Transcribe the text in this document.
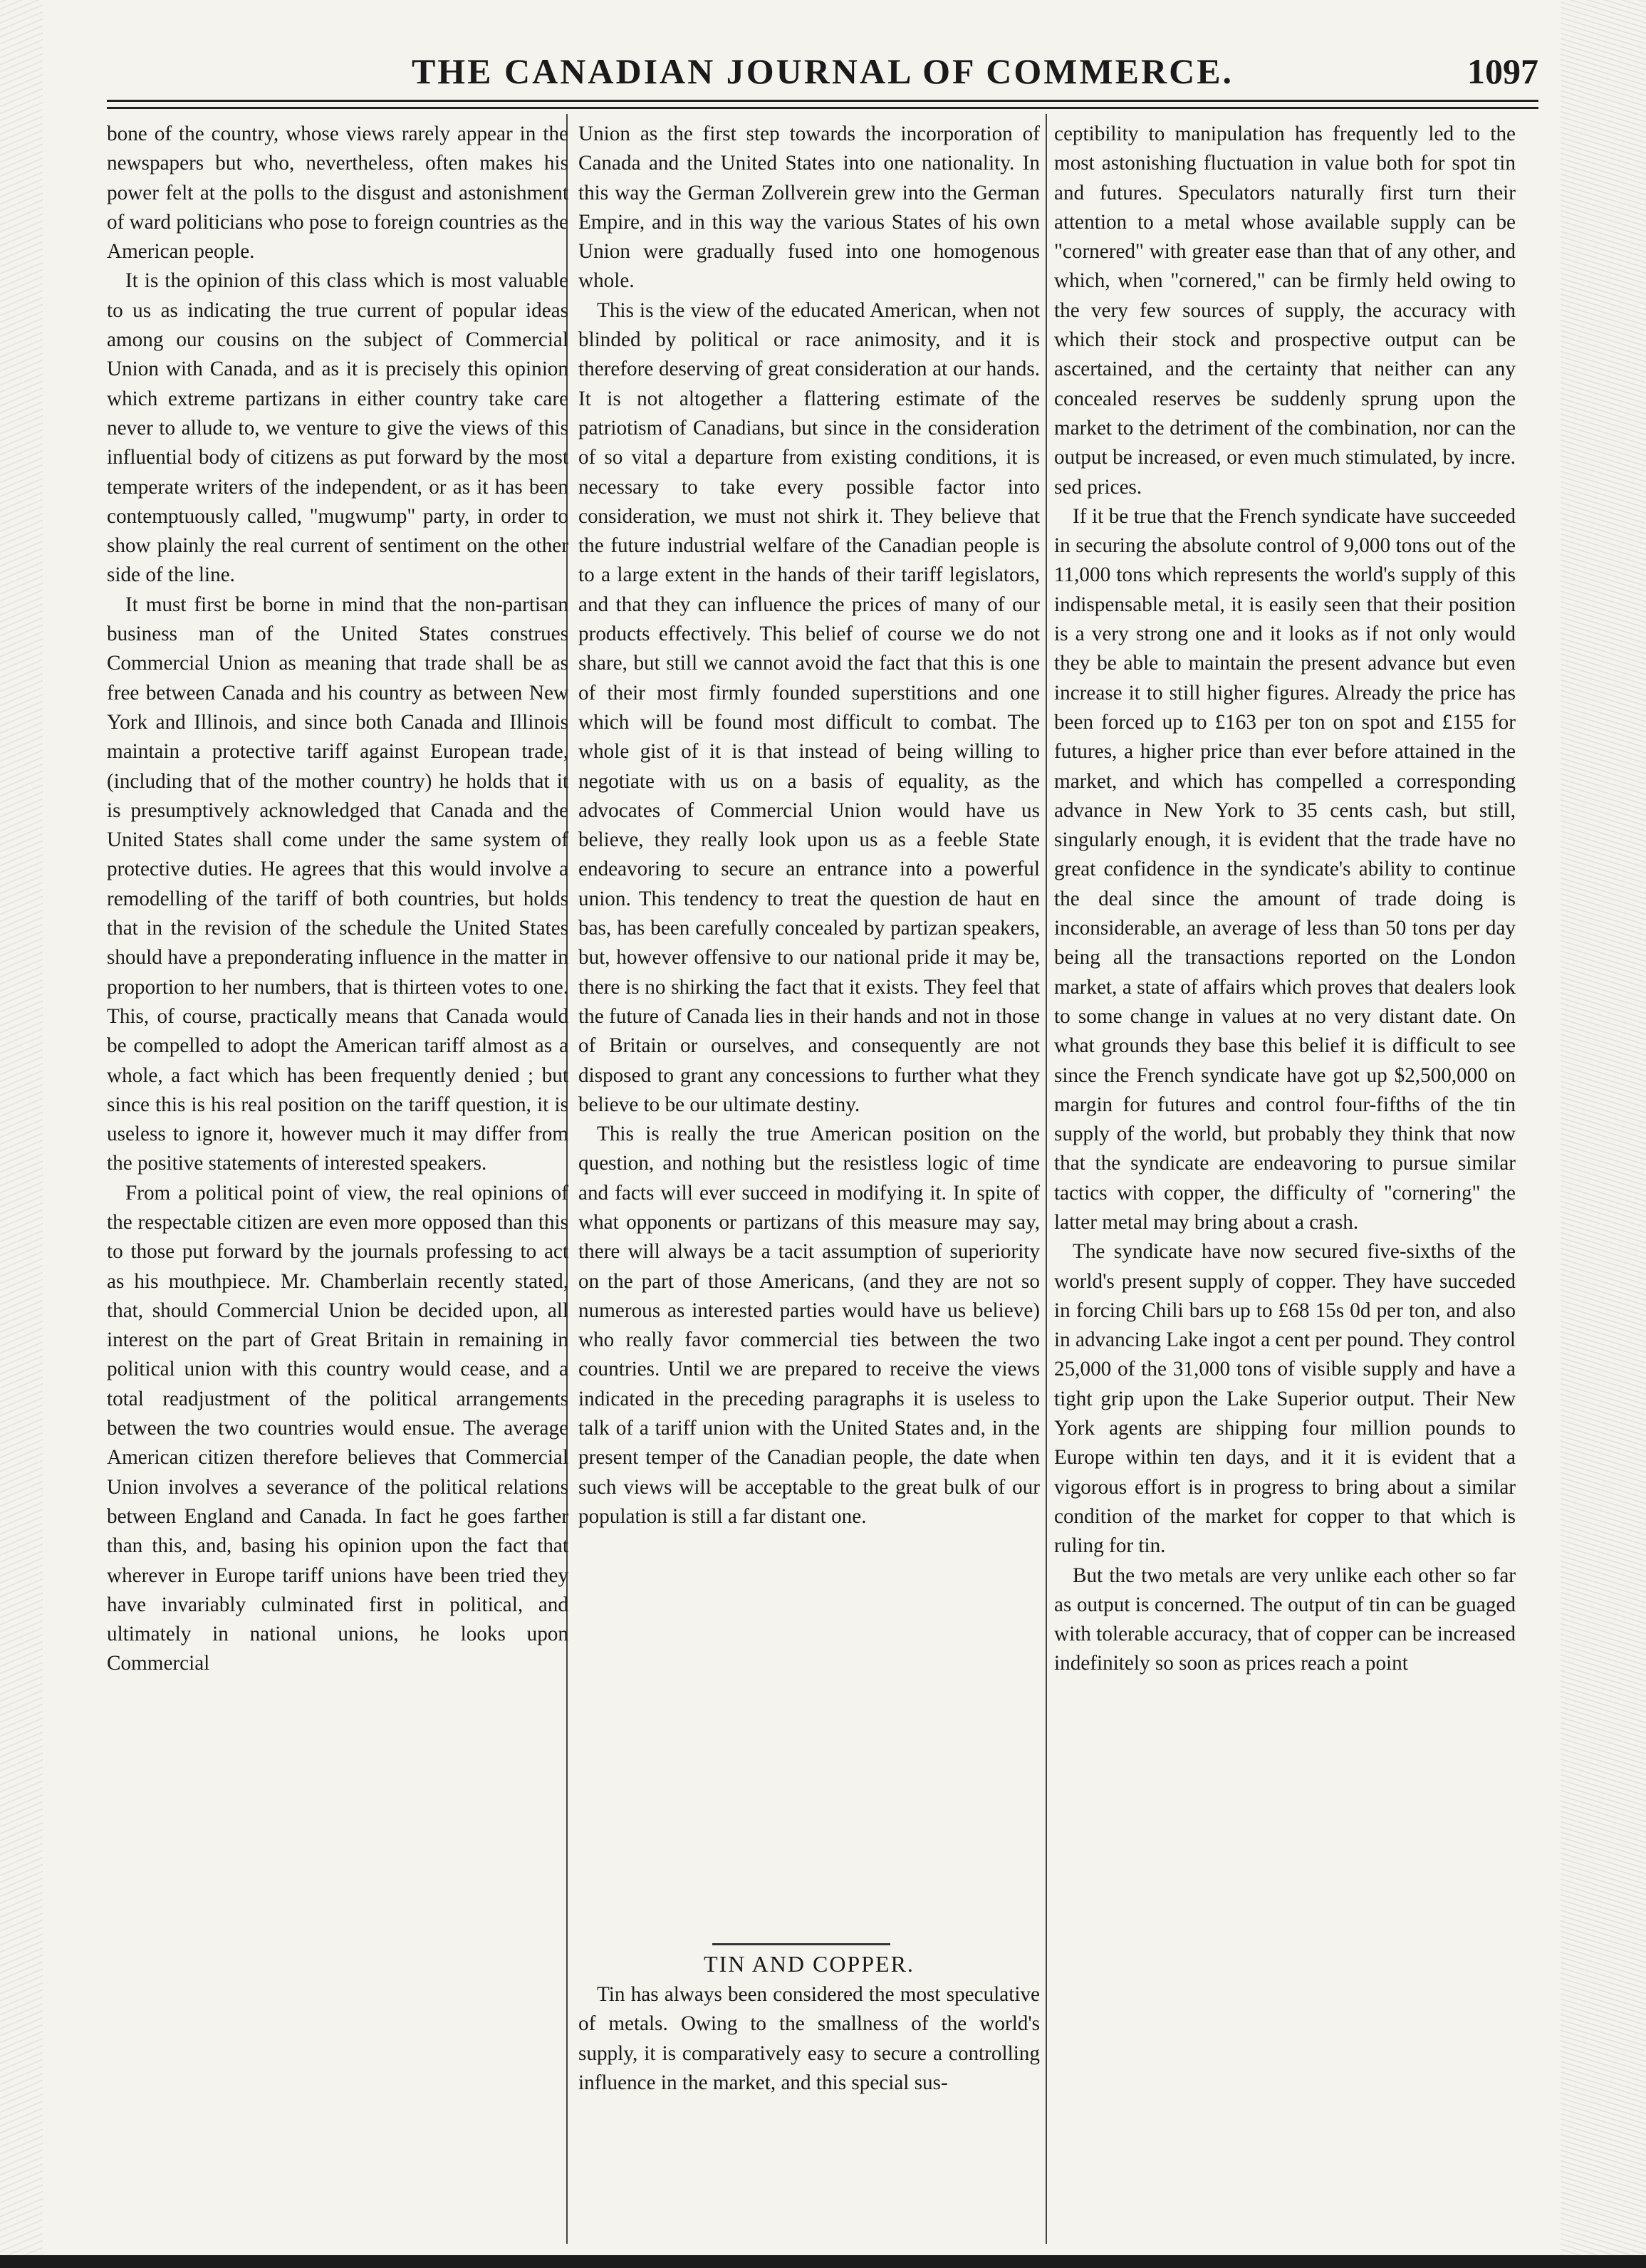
THE CANADIAN JOURNAL OF COMMERCE.	1097

bone of the country, whose views rarely appear in the newspapers but who, nevertheless, often makes his power felt at the polls to the disgust and astonishment of ward politicians who pose to foreign countries as the American people.

It is the opinion of this class which is most valuable to us as indicating the true current of popular ideas among our cousins on the subject of Commercial Union with Canada, and as it is precisely this opinion which extreme partizans in either country take care never to allude to, we venture to give the views of this influential body of citizens as put forward by the most temperate writers of the independent, or as it has been contemptuously called, "mugwump" party, in order to show plainly the real current of sentiment on the other side of the line.

It must first be borne in mind that the non-partisan business man of the United States construes Commercial Union as meaning that trade shall be as free between Canada and his country as between New York and Illinois, and since both Canada and Illinois maintain a protective tariff against European trade, (including that of the mother country) he holds that it is presumptively acknowledged that Canada and the United States shall come under the same system of protective duties. He agrees that this would involve a remodelling of the tariff of both countries, but holds that in the revision of the schedule the United States should have a preponderating influence in the matter in proportion to her numbers, that is thirteen votes to one. This, of course, practically means that Canada would be compelled to adopt the American tariff almost as a whole, a fact which has been frequently denied ; but since this is his real position on the tariff question, it is useless to ignore it, however much it may differ from the positive statements of interested speakers.

From a political point of view, the real opinions of the respectable citizen are even more opposed than this to those put forward by the journals professing to act as his mouthpiece. Mr. Chamberlain recently stated, that, should Commercial Union be decided upon, all interest on the part of Great Britain in remaining in political union with this country would cease, and a total readjustment of the political arrangements between the two countries would ensue. The average American citizen therefore believes that Commercial Union involves a severance of the political relations between England and Canada. In fact he goes farther than this, and, basing his opinion upon the fact that wherever in Europe tariff unions have been tried they have invariably culminated first in political, and ultimately in national unions, he looks upon Commercial

Union as the first step towards the incorporation of Canada and the United States into one nationality. In this way the German Zollverein grew into the German Empire, and in this way the various States of his own Union were gradually fused into one homogenous whole.

This is the view of the educated American, when not blinded by political or race animosity, and it is therefore deserving of great consideration at our hands. It is not altogether a flattering estimate of the patriotism of Canadians, but since in the consideration of so vital a departure from existing conditions, it is necessary to take every possible factor into consideration, we must not shirk it. They believe that the future industrial welfare of the Canadian people is to a large extent in the hands of their tariff legislators, and that they can influence the prices of many of our products effectively. This belief of course we do not share, but still we cannot avoid the fact that this is one of their most firmly founded superstitions and one which will be found most difficult to combat. The whole gist of it is that instead of being willing to negotiate with us on a basis of equality, as the advocates of Commercial Union would have us believe, they really look upon us as a feeble State endeavoring to secure an entrance into a powerful union. This tendency to treat the question de haut en bas, has been carefully concealed by partizan speakers, but, however offensive to our national pride it may be, there is no shirking the fact that it exists. They feel that the future of Canada lies in their hands and not in those of Britain or ourselves, and consequently are not disposed to grant any concessions to further what they believe to be our ultimate destiny.

This is really the true American position on the question, and nothing but the resistless logic of time and facts will ever succeed in modifying it. In spite of what opponents or partizans of this measure may say, there will always be a tacit assumption of superiority on the part of those Americans, (and they are not so numerous as interested parties would have us believe) who really favor commercial ties between the two countries. Until we are prepared to receive the views indicated in the preceding paragraphs it is useless to talk of a tariff union with the United States and, in the present temper of the Canadian people, the date when such views will be acceptable to the great bulk of our population is still a far distant one.

TIN AND COPPER.

Tin has always been considered the most speculative of metals. Owing to the smallness of the world's supply, it is comparatively easy to secure a controlling influence in the market, and this special sus-

ceptibility to manipulation has frequently led to the most astonishing fluctuation in value both for spot tin and futures. Speculators naturally first turn their attention to a metal whose available supply can be "cornered" with greater ease than that of any other, and which, when "cornered," can be firmly held owing to the very few sources of supply, the accuracy with which their stock and prospective output can be ascertained, and the certainty that neither can any concealed reserves be suddenly sprung upon the market to the detriment of the combination, nor can the output be increased, or even much stimulated, by incre. sed prices.

If it be true that the French syndicate have succeeded in securing the absolute control of 9,000 tons out of the 11,000 tons which represents the world's supply of this indispensable metal, it is easily seen that their position is a very strong one and it looks as if not only would they be able to maintain the present advance but even increase it to still higher figures. Already the price has been forced up to £163 per ton on spot and £155 for futures, a higher price than ever before attained in the market, and which has compelled a corresponding advance in New York to 35 cents cash, but still, singularly enough, it is evident that the trade have no great confidence in the syndicate's ability to continue the deal since the amount of trade doing is inconsiderable, an average of less than 50 tons per day being all the transactions reported on the London market, a state of affairs which proves that dealers look to some change in values at no very distant date. On what grounds they base this belief it is difficult to see since the French syndicate have got up $2,500,000 on margin for futures and control four-fifths of the tin supply of the world, but probably they think that now that the syndicate are endeavoring to pursue similar tactics with copper, the difficulty of "cornering" the latter metal may bring about a crash.

The syndicate have now secured five-sixths of the world's present supply of copper. They have succeded in forcing Chili bars up to £68 15s 0d per ton, and also in advancing Lake ingot a cent per pound. They control 25,000 of the 31,000 tons of visible supply and have a tight grip upon the Lake Superior output. Their New York agents are shipping four million pounds to Europe within ten days, and it it is evident that a vigorous effort is in progress to bring about a similar condition of the market for copper to that which is ruling for tin.

But the two metals are very unlike each other so far as output is concerned. The output of tin can be guaged with tolerable accuracy, that of copper can be increased indefinitely so soon as prices reach a point
